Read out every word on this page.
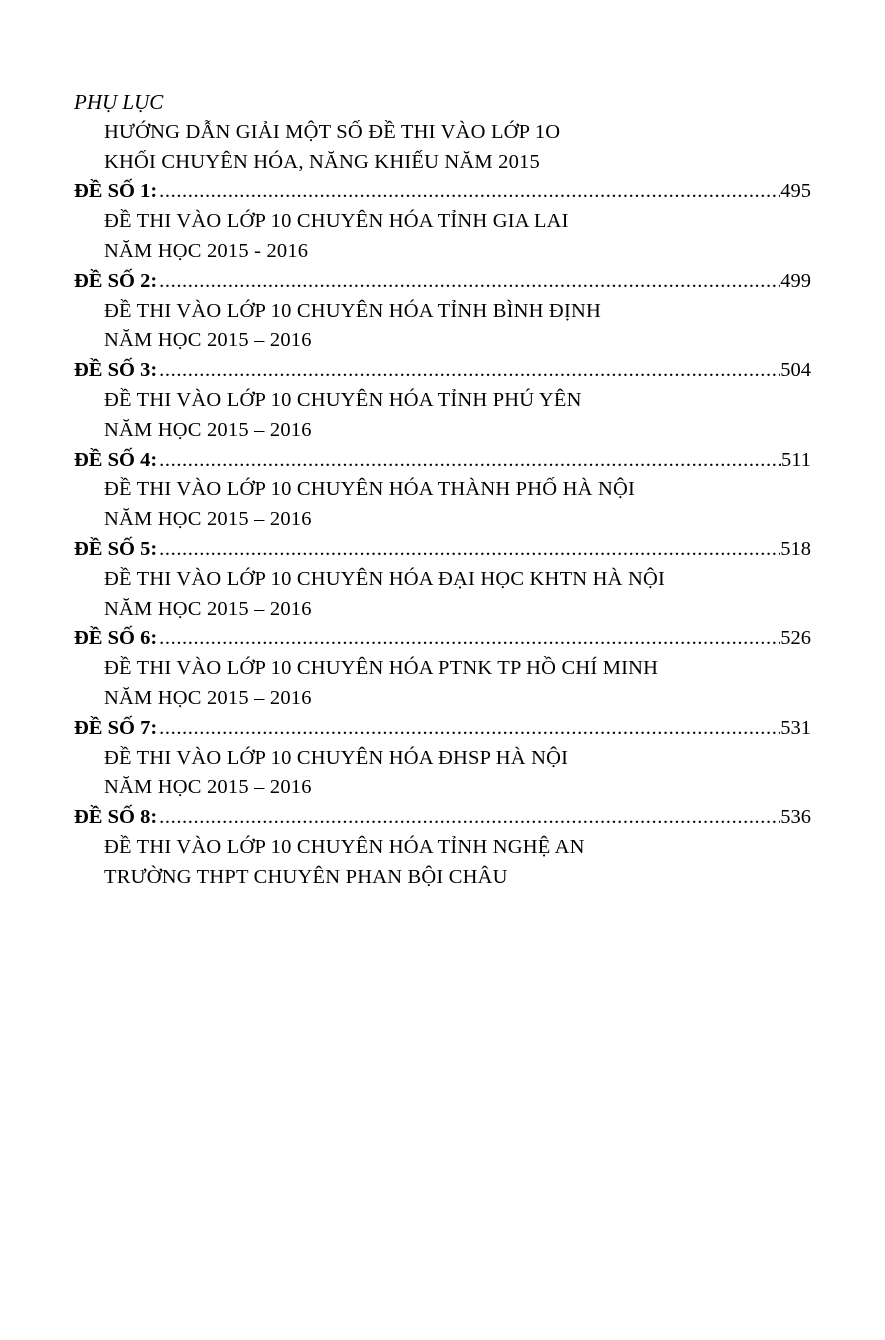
PHỤ LỤC
HƯỚNG DẪN GIẢI MỘT SỐ ĐỀ THI VÀO LỚP 1O
KHỐI CHUYÊN HÓA, NĂNG KHIẾU NĂM 2015
ĐỀ SỐ 1: .....	495
ĐỀ THI VÀO LỚP 10 CHUYÊN HÓA TỈNH GIA LAI
NĂM HỌC 2015 - 2016
ĐỀ SỐ 2: .....	499
ĐỀ THI VÀO LỚP 10 CHUYÊN HÓA TỈNH BÌNH ĐỊNH
NĂM HỌC 2015 – 2016
ĐỀ SỐ 3: .....	504
ĐỀ THI VÀO LỚP 10 CHUYÊN HÓA TỈNH PHÚ YÊN
NĂM HỌC 2015 – 2016
ĐỀ SỐ 4: .....	511
ĐỀ THI VÀO LỚP 10 CHUYÊN HÓA THÀNH PHỐ HÀ NỘI
NĂM HỌC 2015 – 2016
ĐỀ SỐ 5: .....	518
ĐỀ THI VÀO LỚP 10 CHUYÊN HÓA ĐẠI HỌC KHTN HÀ NỘI
NĂM HỌC 2015 – 2016
ĐỀ SỐ 6: .....	526
ĐỀ THI VÀO LỚP 10 CHUYÊN HÓA PTNK TP HỒ CHÍ MINH
NĂM HỌC 2015 – 2016
ĐỀ SỐ 7: .....	531
ĐỀ THI VÀO LỚP 10 CHUYÊN HÓA ĐHSP HÀ NỘI
NĂM HỌC 2015 – 2016
ĐỀ SỐ 8: .....	536
ĐỀ THI VÀO LỚP 10 CHUYÊN HÓA TỈNH NGHỆ AN
TRƯỜNG THPT CHUYÊN PHAN BỘI CHÂU
